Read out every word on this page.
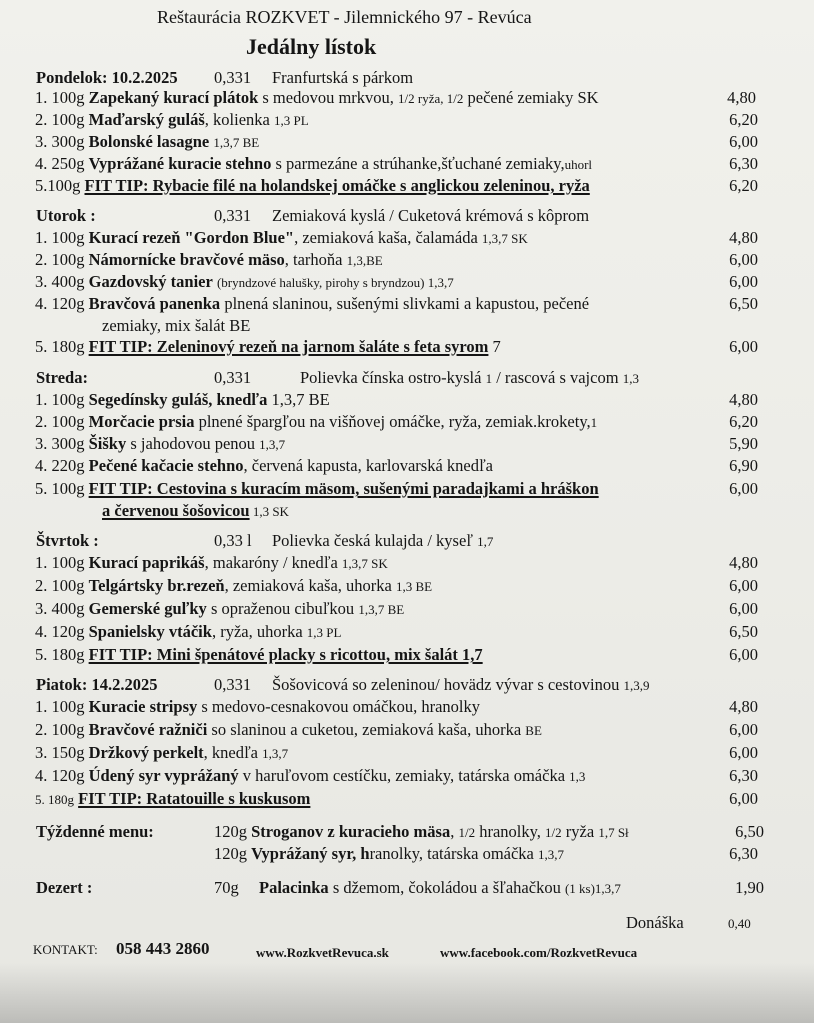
Reštaurácia ROZKVET - Jilemnického 97 - Revúca
Jedálny lístok
Pondelok: 10.2.2025 0,331 Franfurtská s párkom
1. 100g Zapekaný kurací plátok s medovou mrkvou, 1/2 ryža, 1/2 pečené zemiaky SK	4,80
2. 100g Maďarský guláš, kolienka 1,3 PL	6,20
3. 300g Bolonské lasagne 1,3,7 BE	6,00
4. 250g Vyprážané kuracie stehno s parmezáne a strúhanke,šťuchané zemiaky,uhorl	6,30
5.100g FIT TIP: Rybacie filé na holandskej omáčke s anglickou zeleninou, ryža	6,20
Utorok :	0,331 Zemiaková kyslá / Cuketová krémová s kôprom
1. 100g Kurací rezeň "Gordon Blue", zemiaková kaša, čalamáda 1,3,7 SK	4,80
2. 100g Námornícke bravčové mäso, tarhoňa 1,3,BE	6,00
3. 400g Gazdovský tanier (bryndzové halušky, pirohy s bryndzou) 1,3,7	6,00
4. 120g Bravčová panenka plnená slaninou, sušenými slivkami a kapustou, pečené	6,50
zemiaky, mix šalát BE
5. 180g FIT TIP: Zeleninový rezeň na jarnom šaláte s feta syrom 7	6,00
Streda:	0,331	Polievka čínska ostro-kyslá 1 / rascová s vajcom 1,3
1. 100g Segedínsky guláš, knedľa 1,3,7 BE	4,80
2. 100g Morčacie prsia plnené špargľou na višňovej omáčke, ryža, zemiak.krokety,1	6,20
3. 300g Šišky s jahodovou penou 1,3,7	5,90
4. 220g Pečené kačacie stehno, červená kapusta, karlovarská knedľa	6,90
5. 100g FIT TIP: Cestovina s kuracím mäsom, sušenými paradajkami a hráškon	6,00
a červenou šošovicou 1,3 SK
Štvrtok :	0,33 l Polievka česká kulajda / kyseľ 1,7
1. 100g Kurací paprikáš, makaróny / knedľa 1,3,7 SK	4,80
2. 100g Telgártsky br.rezeň, zemiaková kaša, uhorka 1,3 BE	6,00
3. 400g Gemerské guľky s opraženou cibuľkou 1,3,7 BE	6,00
4. 120g Spanielsky vtáčik, ryža, uhorka 1,3 PL	6,50
5. 180g FIT TIP: Mini špenátové placky s ricottou, mix šalát 1,7	6,00
Piatok: 14.2.2025	0,331 Šošovicová so zeleninou/ hovädz vývar s cestovinou 1,3,9
1. 100g Kuracie stripsy s medovo-cesnakovou omáčkou, hranolky	4,80
2. 100g Bravčové ražniči so slaninou a cuketou, zemiaková kaša, uhorka BE	6,00
3. 150g Držkový perkelt, knedľa 1,3,7	6,00
4. 120g Údený syr vyprážaný v haruľovom cestíčku, zemiaky, tatárska omáčka 1,3	6,30
5. 180g FIT TIP: Ratatouille s kuskusom	6,00
Týždenné menu:	120g Stroganov z kuracieho mäsa, 1/2 hranolky, 1/2 ryža 1,7 Sł	6,50
120g Vyprážaný syr, hranolky, tatárska omáčka 1,3,7	6,30
Dezert :	70g Palacinka s džemom, čokoládou a šľahačkou (1 ks)1,3,7	1,90
Donáška	0,40
KONTAKT: 058 443 2860	www.RozkvetRevuca.sk	www.facebook.com/RozkvetRevuca
